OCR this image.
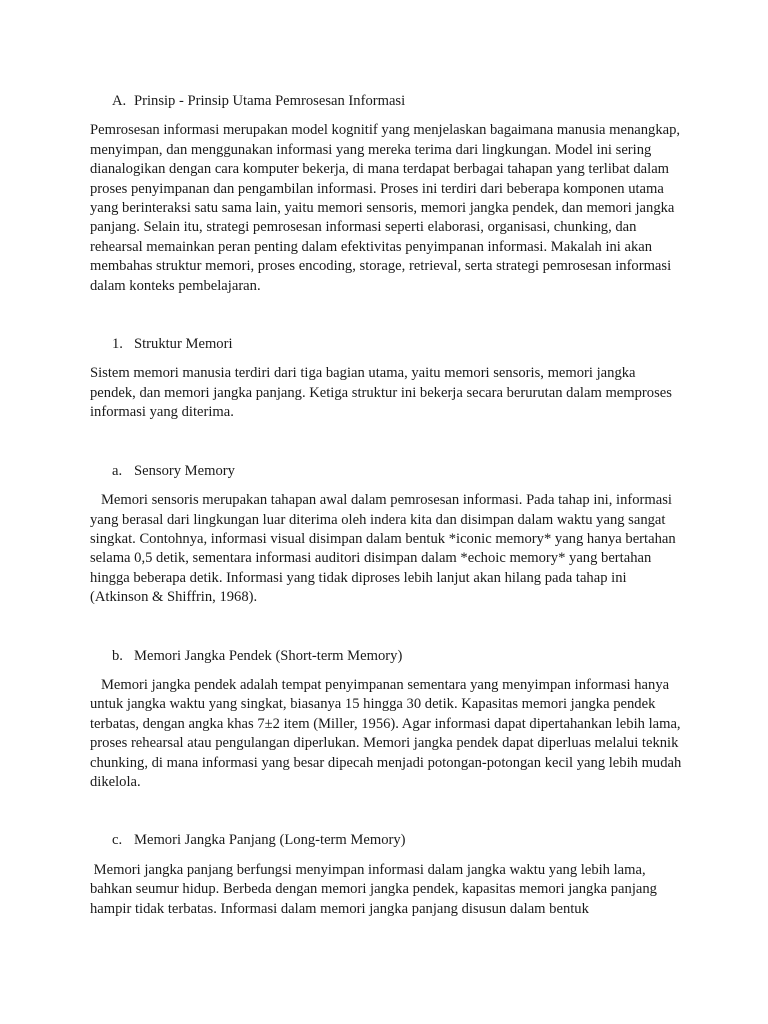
A. Prinsip - Prinsip Utama Pemrosesan Informasi

Pemrosesan informasi merupakan model kognitif yang menjelaskan bagaimana manusia menangkap, menyimpan, dan menggunakan informasi yang mereka terima dari lingkungan. Model ini sering dianalogikan dengan cara komputer bekerja, di mana terdapat berbagai tahapan yang terlibat dalam proses penyimpanan dan pengambilan informasi. Proses ini terdiri dari beberapa komponen utama yang berinteraksi satu sama lain, yaitu memori sensoris, memori jangka pendek, dan memori jangka panjang. Selain itu, strategi pemrosesan informasi seperti elaborasi, organisasi, chunking, dan rehearsal memainkan peran penting dalam efektivitas penyimpanan informasi. Makalah ini akan membahas struktur memori, proses encoding, storage, retrieval, serta strategi pemrosesan informasi dalam konteks pembelajaran.

1. Struktur Memori

Sistem memori manusia terdiri dari tiga bagian utama, yaitu memori sensoris, memori jangka pendek, dan memori jangka panjang. Ketiga struktur ini bekerja secara berurutan dalam memproses informasi yang diterima.

a. Sensory Memory

Memori sensoris merupakan tahapan awal dalam pemrosesan informasi. Pada tahap ini, informasi yang berasal dari lingkungan luar diterima oleh indera kita dan disimpan dalam waktu yang sangat singkat. Contohnya, informasi visual disimpan dalam bentuk *iconic memory* yang hanya bertahan selama 0,5 detik, sementara informasi auditori disimpan dalam *echoic memory* yang bertahan hingga beberapa detik. Informasi yang tidak diproses lebih lanjut akan hilang pada tahap ini (Atkinson & Shiffrin, 1968).

b. Memori Jangka Pendek (Short-term Memory)

Memori jangka pendek adalah tempat penyimpanan sementara yang menyimpan informasi hanya untuk jangka waktu yang singkat, biasanya 15 hingga 30 detik. Kapasitas memori jangka pendek terbatas, dengan angka khas 7±2 item (Miller, 1956). Agar informasi dapat dipertahankan lebih lama, proses rehearsal atau pengulangan diperlukan. Memori jangka pendek dapat diperluas melalui teknik chunking, di mana informasi yang besar dipecah menjadi potongan-potongan kecil yang lebih mudah dikelola.

c. Memori Jangka Panjang (Long-term Memory)

Memori jangka panjang berfungsi menyimpan informasi dalam jangka waktu yang lebih lama, bahkan seumur hidup. Berbeda dengan memori jangka pendek, kapasitas memori jangka panjang hampir tidak terbatas. Informasi dalam memori jangka panjang disusun dalam bentuk
